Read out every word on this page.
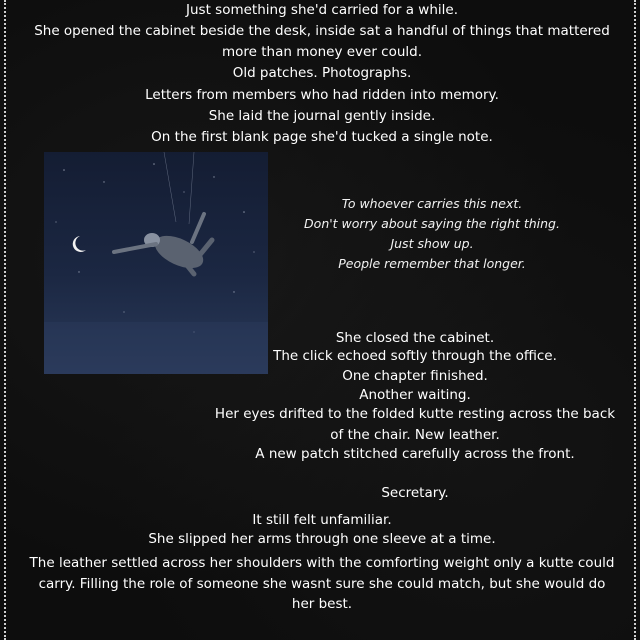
Just something she'd carried for a while.
She opened the cabinet beside the desk, inside sat a handful of things that mattered
more than money ever could.
Old patches. Photographs.
Letters from members who had ridden into memory.
She laid the journal gently inside.
On the first blank page she'd tucked a single note.
To whoever carries this next.
Don't worry about saying the right thing.
Just show up.
People remember that longer.
She closed the cabinet.
The click echoed softly through the office.
One chapter finished.
Another waiting.
Her eyes drifted to the folded kutte resting across the back
of the chair. New leather.
A new patch stitched carefully across the front.
Secretary.
It still felt unfamiliar.
She slipped her arms through one sleeve at a time.
The leather settled across her shoulders with the comforting weight only a kutte could
carry. Filling the role of someone she wasnt sure she could match, but she would do
her best.
